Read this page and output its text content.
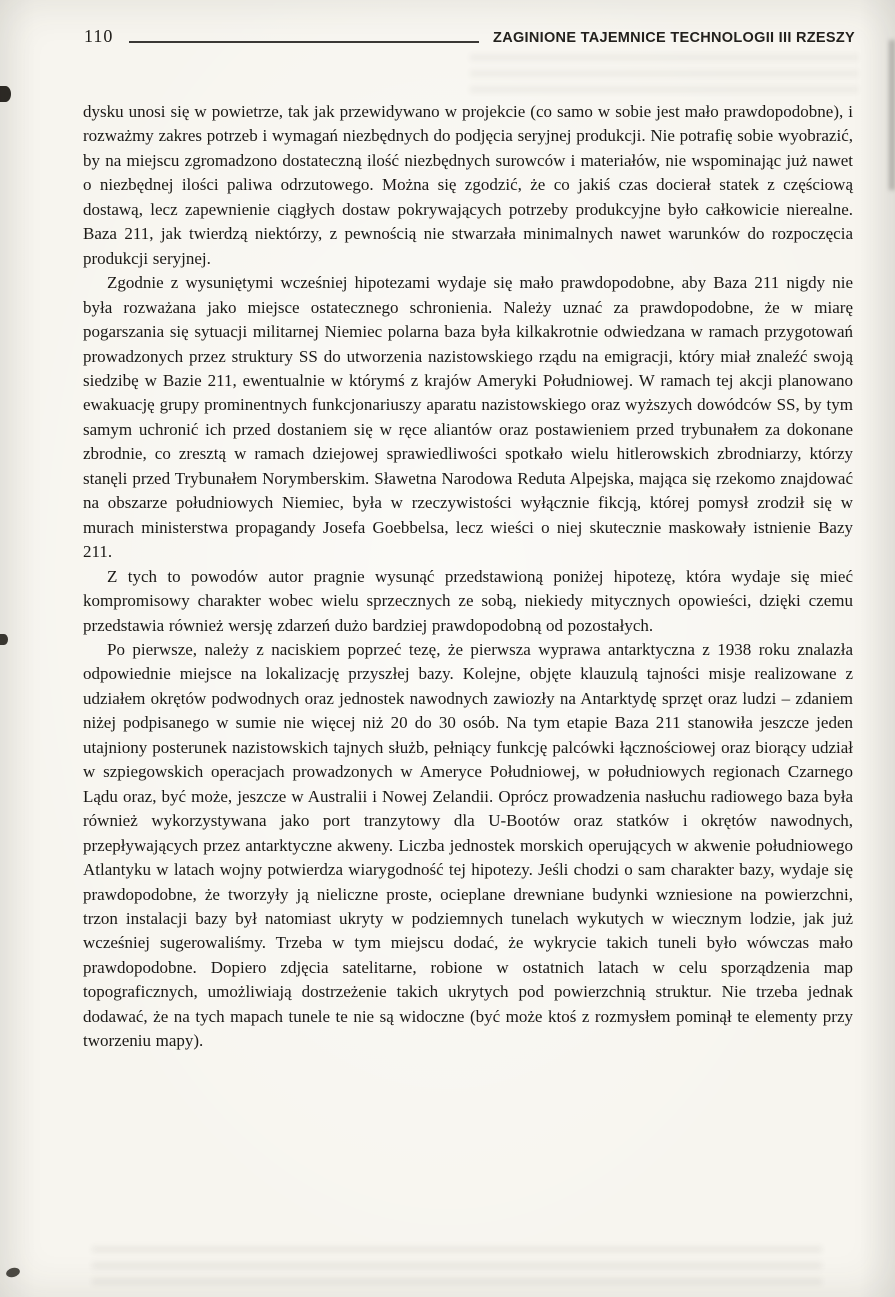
110	ZAGINIONE TAJEMNICE TECHNOLOGII III RZESZY

dysku unosi się w powietrze, tak jak przewidywano w projekcie (co samo w sobie jest mało prawdopodobne), i rozważmy zakres potrzeb i wymagań niezbędnych do podjęcia seryjnej produkcji. Nie potrafię sobie wyobrazić, by na miejscu zgromadzono dostateczną ilość niezbędnych surowców i materiałów, nie wspominając już nawet o niezbędnej ilości paliwa odrzutowego. Można się zgodzić, że co jakiś czas docierał statek z częściową dostawą, lecz zapewnienie ciągłych dostaw pokrywających potrzeby produkcyjne było całkowicie nierealne. Baza 211, jak twierdzą niektórzy, z pewnością nie stwarzała minimalnych nawet warunków do rozpoczęcia produkcji seryjnej.

Zgodnie z wysuniętymi wcześniej hipotezami wydaje się mało prawdopodobne, aby Baza 211 nigdy nie była rozważana jako miejsce ostatecznego schronienia. Należy uznać za prawdopodobne, że w miarę pogarszania się sytuacji militarnej Niemiec polarna baza była kilkakrotnie odwiedzana w ramach przygotowań prowadzonych przez struktury SS do utworzenia nazistowskiego rządu na emigracji, który miał znaleźć swoją siedzibę w Bazie 211, ewentualnie w którymś z krajów Ameryki Południowej. W ramach tej akcji planowano ewakuację grupy prominentnych funkcjonariuszy aparatu nazistowskiego oraz wyższych dowódców SS, by tym samym uchronić ich przed dostaniem się w ręce aliantów oraz postawieniem przed trybunałem za dokonane zbrodnie, co zresztą w ramach dziejowej sprawiedliwości spotkało wielu hitlerowskich zbrodniarzy, którzy stanęli przed Trybunałem Norymberskim. Sławetna Narodowa Reduta Alpejska, mająca się rzekomo znajdować na obszarze południowych Niemiec, była w rzeczywistości wyłącznie fikcją, której pomysł zrodził się w murach ministerstwa propagandy Josefa Goebbelsa, lecz wieści o niej skutecznie maskowały istnienie Bazy 211.

Z tych to powodów autor pragnie wysunąć przedstawioną poniżej hipotezę, która wydaje się mieć kompromisowy charakter wobec wielu sprzecznych ze sobą, niekiedy mitycznych opowieści, dzięki czemu przedstawia również wersję zdarzeń dużo bardziej prawdopodobną od pozostałych.

Po pierwsze, należy z naciskiem poprzeć tezę, że pierwsza wyprawa antarktyczna z 1938 roku znalazła odpowiednie miejsce na lokalizację przyszłej bazy. Kolejne, objęte klauzulą tajności misje realizowane z udziałem okrętów podwodnych oraz jednostek nawodnych zawiozły na Antarktydę sprzęt oraz ludzi – zdaniem niżej podpisanego w sumie nie więcej niż 20 do 30 osób. Na tym etapie Baza 211 stanowiła jeszcze jeden utajniony posterunek nazistowskich tajnych służb, pełniący funkcję palcówki łącznościowej oraz biorący udział w szpiegowskich operacjach prowadzonych w Ameryce Południowej, w południowych regionach Czarnego Lądu oraz, być może, jeszcze w Australii i Nowej Zelandii. Oprócz prowadzenia nasłuchu radiowego baza była również wykorzystywana jako port tranzytowy dla U-Bootów oraz statków i okrętów nawodnych, przepływających przez antarktyczne akweny. Liczba jednostek morskich operujących w akwenie południowego Atlantyku w latach wojny potwierdza wiarygodność tej hipotezy. Jeśli chodzi o sam charakter bazy, wydaje się prawdopodobne, że tworzyły ją nieliczne proste, ocieplane drewniane budynki wzniesione na powierzchni, trzon instalacji bazy był natomiast ukryty w podziemnych tunelach wykutych w wiecznym lodzie, jak już wcześniej sugerowaliśmy. Trzeba w tym miejscu dodać, że wykrycie takich tuneli było wówczas mało prawdopodobne. Dopiero zdjęcia satelitarne, robione w ostatnich latach w celu sporządzenia map topograficznych, umożliwiają dostrzeżenie takich ukrytych pod powierzchnią struktur. Nie trzeba jednak dodawać, że na tych mapach tunele te nie są widoczne (być może ktoś z rozmysłem pominął te elementy przy tworzeniu mapy).
